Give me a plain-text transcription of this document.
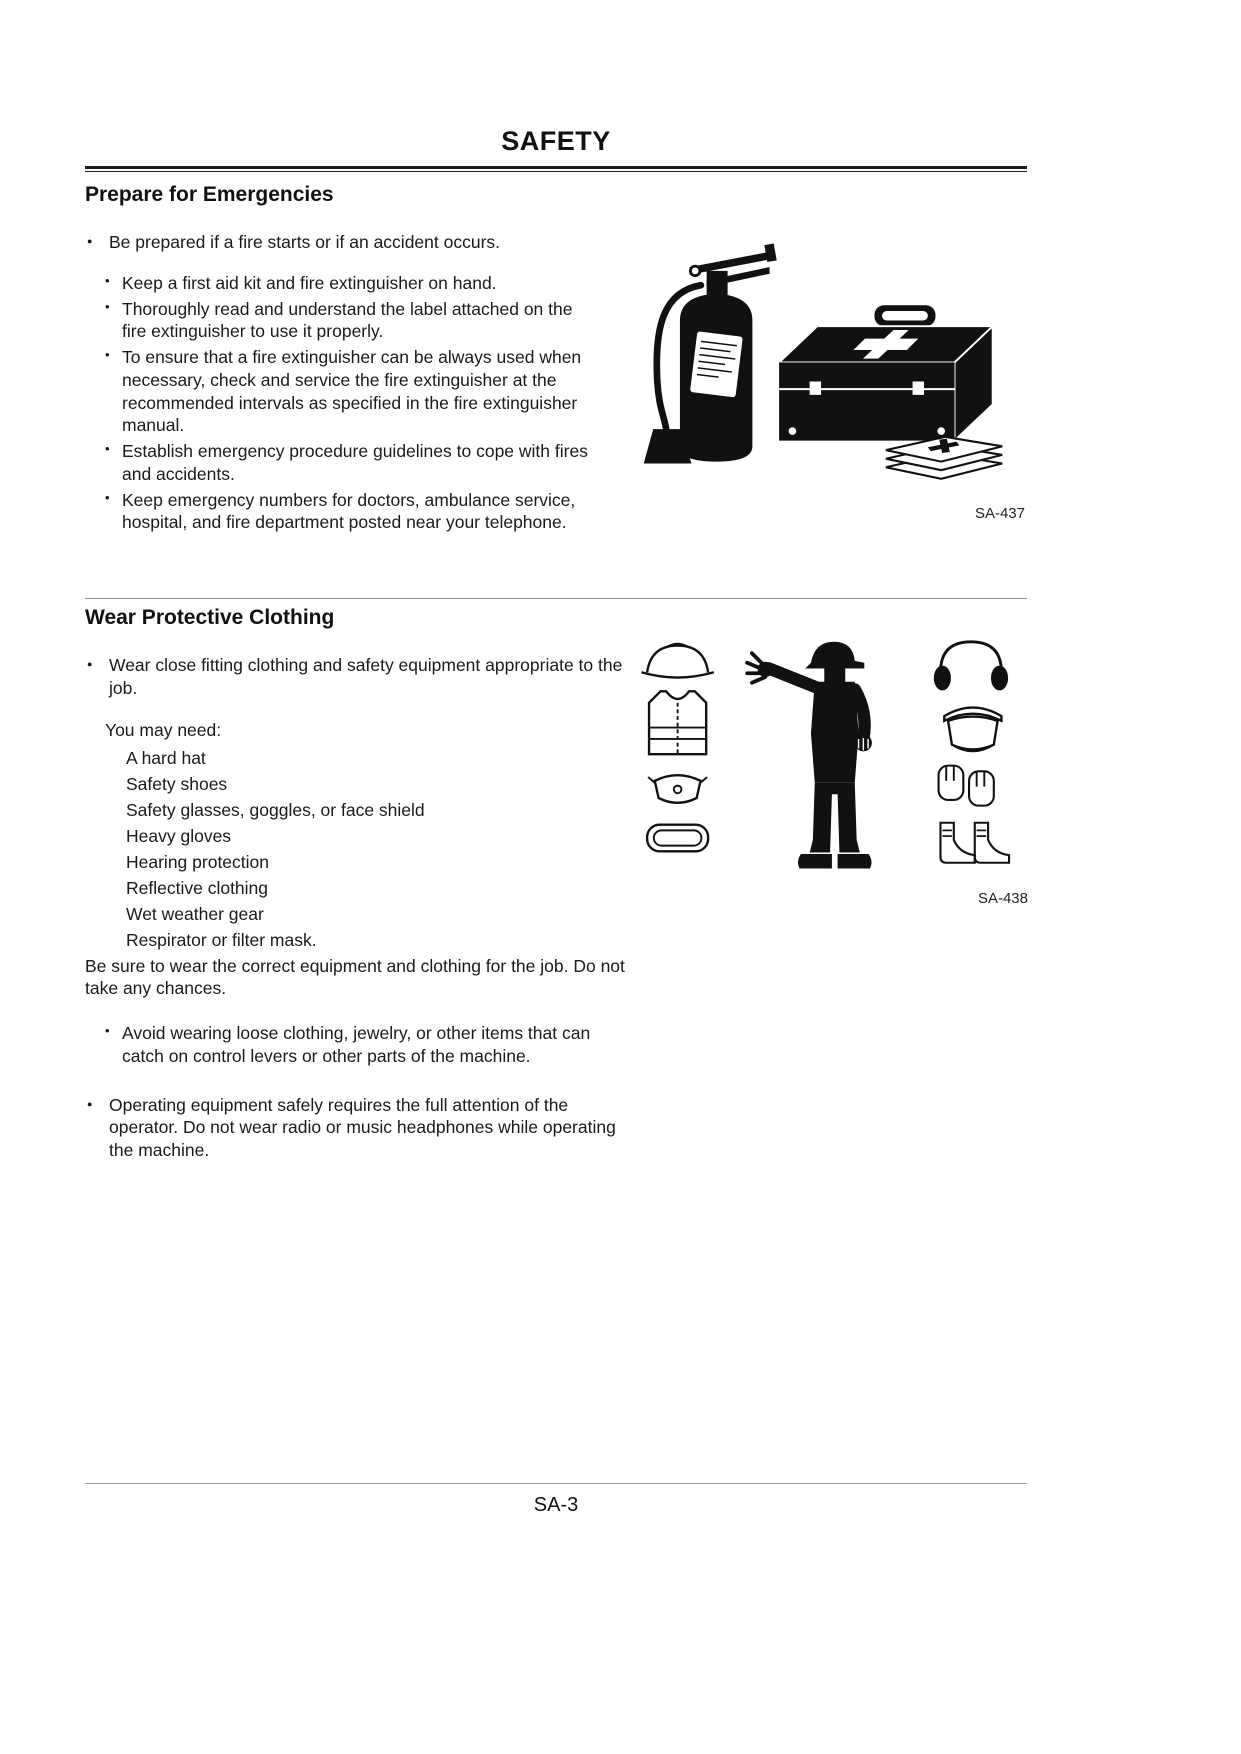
SAFETY
Prepare for Emergencies
● Be prepared if a fire starts or if an accident occurs.
• Keep a first aid kit and fire extinguisher on hand.
• Thoroughly read and understand the label attached on the fire extinguisher to use it properly.
• To ensure that a fire extinguisher can be always used when necessary, check and service the fire extinguisher at the recommended intervals as specified in the fire extinguisher manual.
• Establish emergency procedure guidelines to cope with fires and accidents.
• Keep emergency numbers for doctors, ambulance service, hospital, and fire department posted near your telephone.	SA-437
Wear Protective Clothing
● Wear close fitting clothing and safety equipment appropriate to the job.
You may need:
A hard hat
Safety shoes
Safety glasses, goggles, or face shield
Heavy gloves
Hearing protection
Reflective clothing
Wet weather gear
Respirator or filter mask.

Be sure to wear the correct equipment and clothing for the job. Do not take any chances.

• Avoid wearing loose clothing, jewelry, or other items that can catch on control levers or other parts of the machine.
● Operating equipment safely requires the full attention of the operator. Do not wear radio or music headphones while operating the machine.
SA-438
SA-3
